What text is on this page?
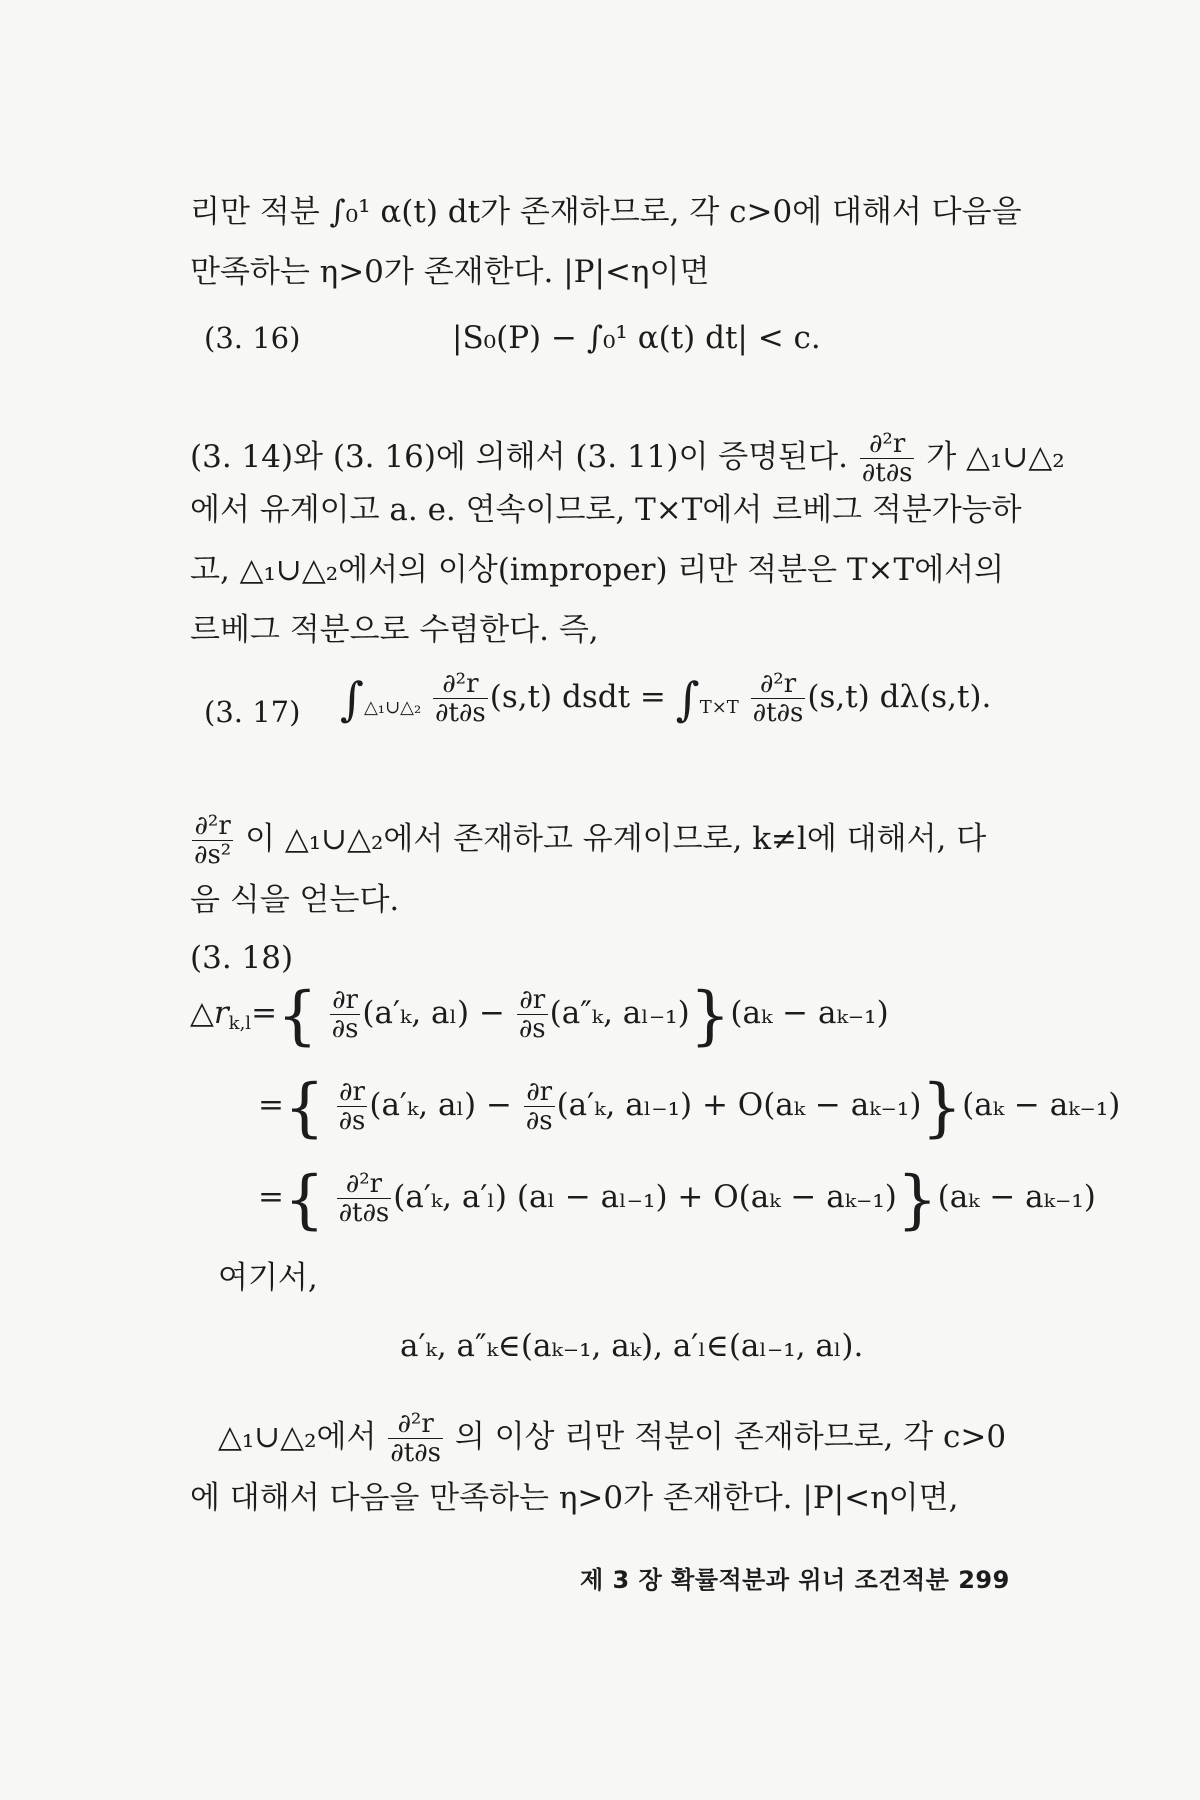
리만 적분 ∫₀¹ α(t) dt가 존재하므로, 각 c>0에 대해서 다음을
만족하는 η>0가 존재한다. |P|<η이면
(3. 16)	|S₀(P) − ∫₀¹ α(t) dt| < c.
(3. 14)와 (3. 16)에 의해서 (3. 11)이 증명된다. $\frac{\text{∂²r}}{\partial t\partial s}$ 가 △₁∪△₂
에서 유계이고 a. e. 연속이므로, T×T에서 르베그 적분가능하
고, △₁∪△₂에서의 이상(improper) 리만 적분은 T×T에서의
르베그 적분으로 수렴한다. 즉,
(3. 17) $\int_{\triangle_1\cup\triangle_2} \frac{\text{∂²r}}{\partial t\partial s} (s,t)$ dsdt = $\int_{T\times T} \frac{\text{∂²r}}{\partial t\partial s} (s,t)$ dλ(s,t).
$\frac{\text{∂²r}}{\text{∂s²}}$ 이 △₁∪△₂에서 존재하고 유계이므로, k≠l에 대해서, 다
음 식을 얻는다.
(3. 18)
$\triangle r_{k,l}=\{ \frac{\partial r}{\partial s} (a'_k$, $a_l) - \frac{\partial r}{\partial s} (a''_k$, aₗ₋₁)}(aₖ − aₖ₋₁)
={ $\frac{\partial r}{\partial s} (a'_k$, $a_l) - \frac{\partial r}{\partial s} (a'_k$, aₗ₋₁) + O(aₖ − aₖ₋₁)}(aₖ − aₖ₋₁)
={ $\frac{\text{∂²r}}{\partial t\partial s} (a'_k$, a′ₗ) (aₗ − aₗ₋₁) + O(aₖ − aₖ₋₁)}(aₖ − aₖ₋₁)
여기서,
a′ₖ, a″ₖ∈(aₖ₋₁, aₖ), a′ₗ∈(aₗ₋₁, aₗ).
△₁∪△₂에서 $\frac{\text{∂²r}}{\partial t\partial s}$ 의 이상 리만 적분이 존재하므로, 각 c>0
에 대해서 다음을 만족하는 η>0가 존재한다. |P|<η이면,
제 3 장 확률적분과 위너 조건적분 299
